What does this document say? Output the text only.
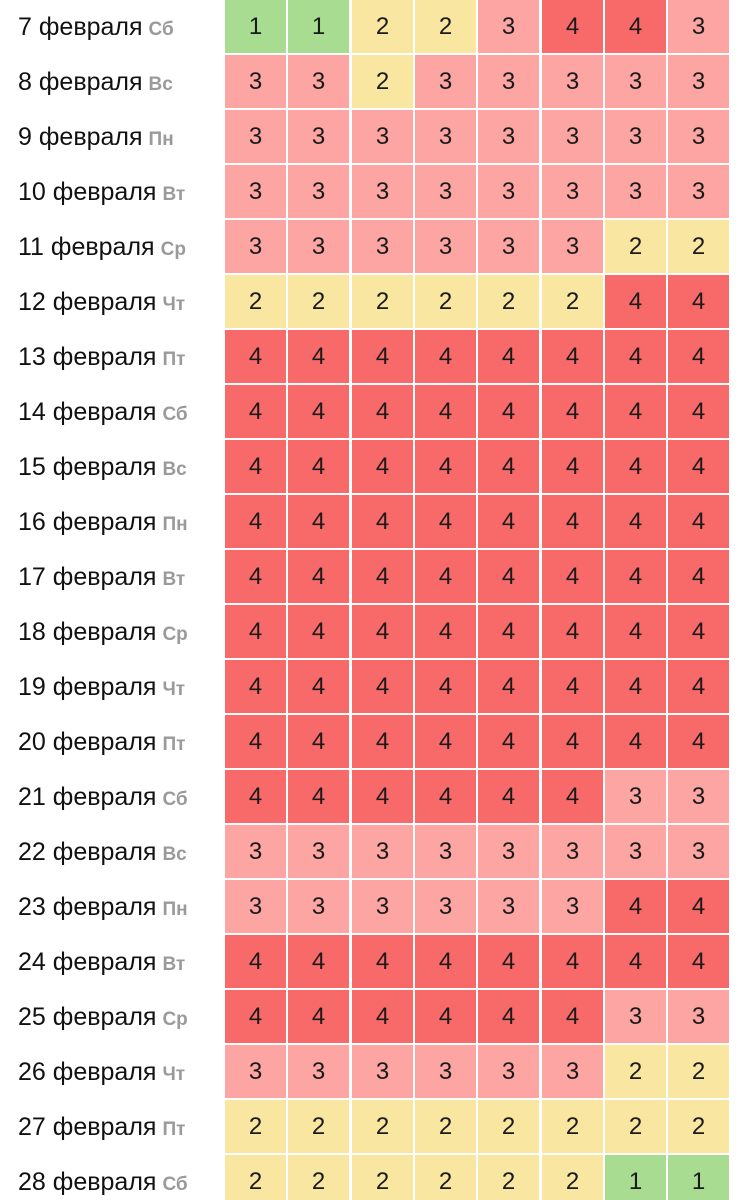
7 февраля Сб	1	1	2	2	3	4	4	3
8 февраля Вс	3	3	2	3	3	3	3	3
9 февраля Пн	3	3	3	3	3	3	3	3
10 февраля Вт	3	3	3	3	3	3	3	3
11 февраля Ср	3	3	3	3	3	3	2	2
12 февраля Чт	2	2	2	2	2	2	4	4
13 февраля Пт	4	4	4	4	4	4	4	4
14 февраля Сб	4	4	4	4	4	4	4	4
15 февраля Вс	4	4	4	4	4	4	4	4
16 февраля Пн	4	4	4	4	4	4	4	4
17 февраля Вт	4	4	4	4	4	4	4	4
18 февраля Ср	4	4	4	4	4	4	4	4
19 февраля Чт	4	4	4	4	4	4	4	4
20 февраля Пт	4	4	4	4	4	4	4	4
21 февраля Сб	4	4	4	4	4	4	3	3
22 февраля Вс	3	3	3	3	3	3	3	3
23 февраля Пн	3	3	3	3	3	3	4	4
24 февраля Вт	4	4	4	4	4	4	4	4
25 февраля Ср	4	4	4	4	4	4	3	3
26 февраля Чт	3	3	3	3	3	3	2	2
27 февраля Пт	2	2	2	2	2	2	2	2
28 февраля Сб	2	2	2	2	2	2	1	1
